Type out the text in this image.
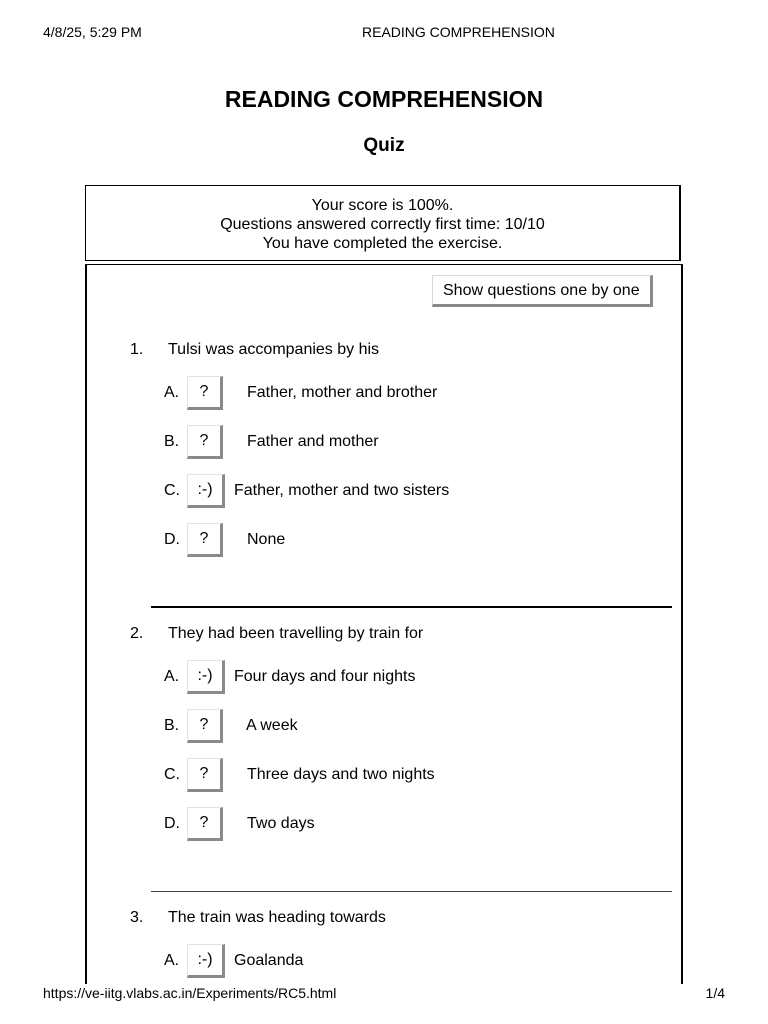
4/8/25, 5:29 PM	READING COMPREHENSION
READING COMPREHENSION
Quiz
Your score is 100%.
Questions answered correctly first time: 10/10
You have completed the exercise.
Show questions one by one
1. Tulsi was accompanies by his
A.	?	Father, mother and brother
B.	?	Father and mother
C.	:-)	Father, mother and two sisters
D.	?	None
2. They had been travelling by train for
A.	:-)	Four days and four nights
B.	?	A week
C.	?	Three days and two nights
D.	?	Two days
3. The train was heading towards
A.	:-)	Goalanda
https://ve-iitg.vlabs.ac.in/Experiments/RC5.html	1/4
